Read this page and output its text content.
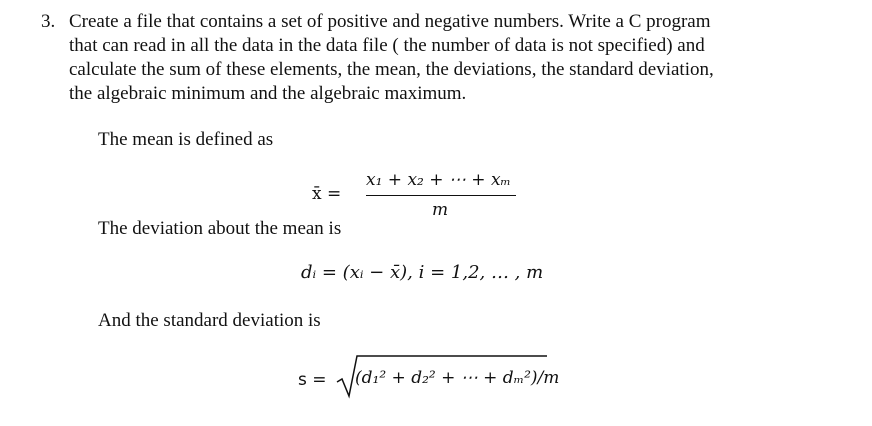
3. Create a file that contains a set of positive and negative numbers. Write a C program
that can read in all the data in the data file ( the number of data is not specified) and
calculate the sum of these elements, the mean, the deviations, the standard deviation,
the algebraic minimum and the algebraic maximum.
The mean is defined as
x̄ =
x₁ + x₂ + ⋯ + xₘ
m
The deviation about the mean is
dᵢ = (xᵢ − x̄), i = 1,2, … , m
And the standard deviation is
s = (d₁² + d₂² + ⋯ + dₘ²)/m
